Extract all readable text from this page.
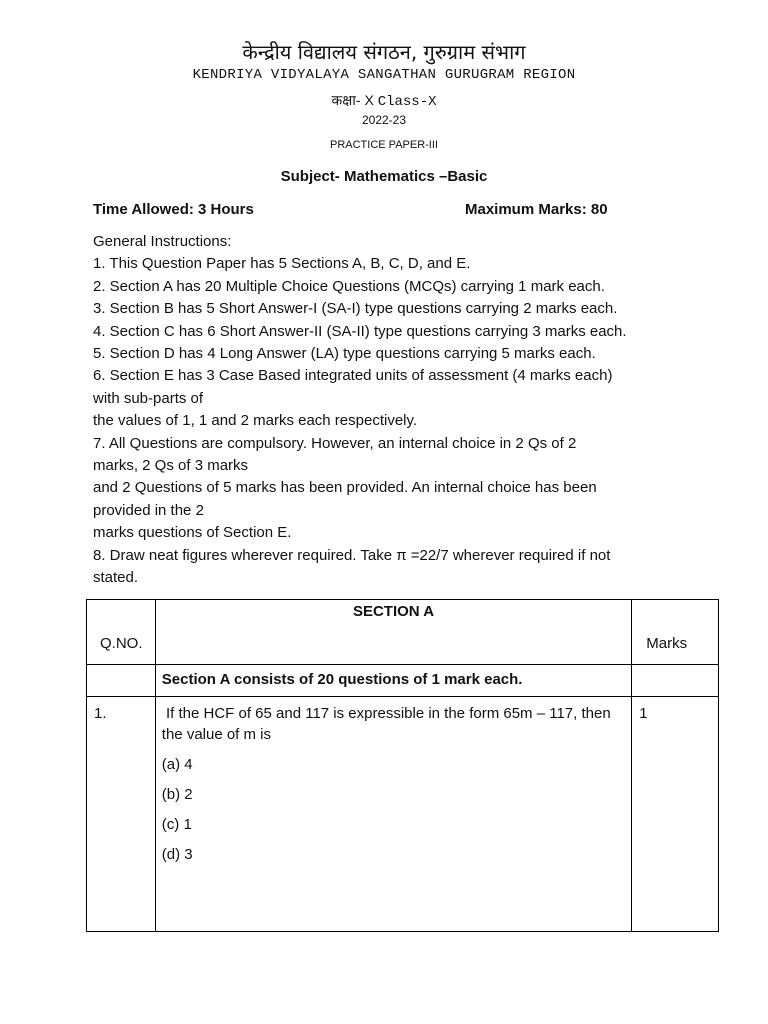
केन्द्रीय विद्यालय संगठन, गुरुग्राम संभाग
KENDRIYA VIDYALAYA SANGATHAN GURUGRAM REGION
कक्षा- X Class-X
2022-23
PRACTICE PAPER-III
Subject- Mathematics –Basic
Time Allowed: 3 Hours	Maximum Marks: 80
General Instructions:
1. This Question Paper has 5 Sections A, B, C, D, and E.
2. Section A has 20 Multiple Choice Questions (MCQs) carrying 1 mark each.
3. Section B has 5 Short Answer-I (SA-I) type questions carrying 2 marks each.
4. Section C has 6 Short Answer-II (SA-II) type questions carrying 3 marks each.
5. Section D has 4 Long Answer (LA) type questions carrying 5 marks each.
6. Section E has 3 Case Based integrated units of assessment (4 marks each)
with sub-parts of
the values of 1, 1 and 2 marks each respectively.
7. All Questions are compulsory. However, an internal choice in 2 Qs of 2
marks, 2 Qs of 3 marks
and 2 Questions of 5 marks has been provided. An internal choice has been
provided in the 2
marks questions of Section E.
8. Draw neat figures wherever required. Take π =22/7 wherever required if not
stated.
Q.NO.	SECTION A	Marks

	Section A consists of 20 questions of 1 mark each.	

1.	If the HCF of 65 and 117 is expressible in the form 65m – 117, then the value of m is
(a) 4
(b) 2
(c) 1
(d) 3	1
